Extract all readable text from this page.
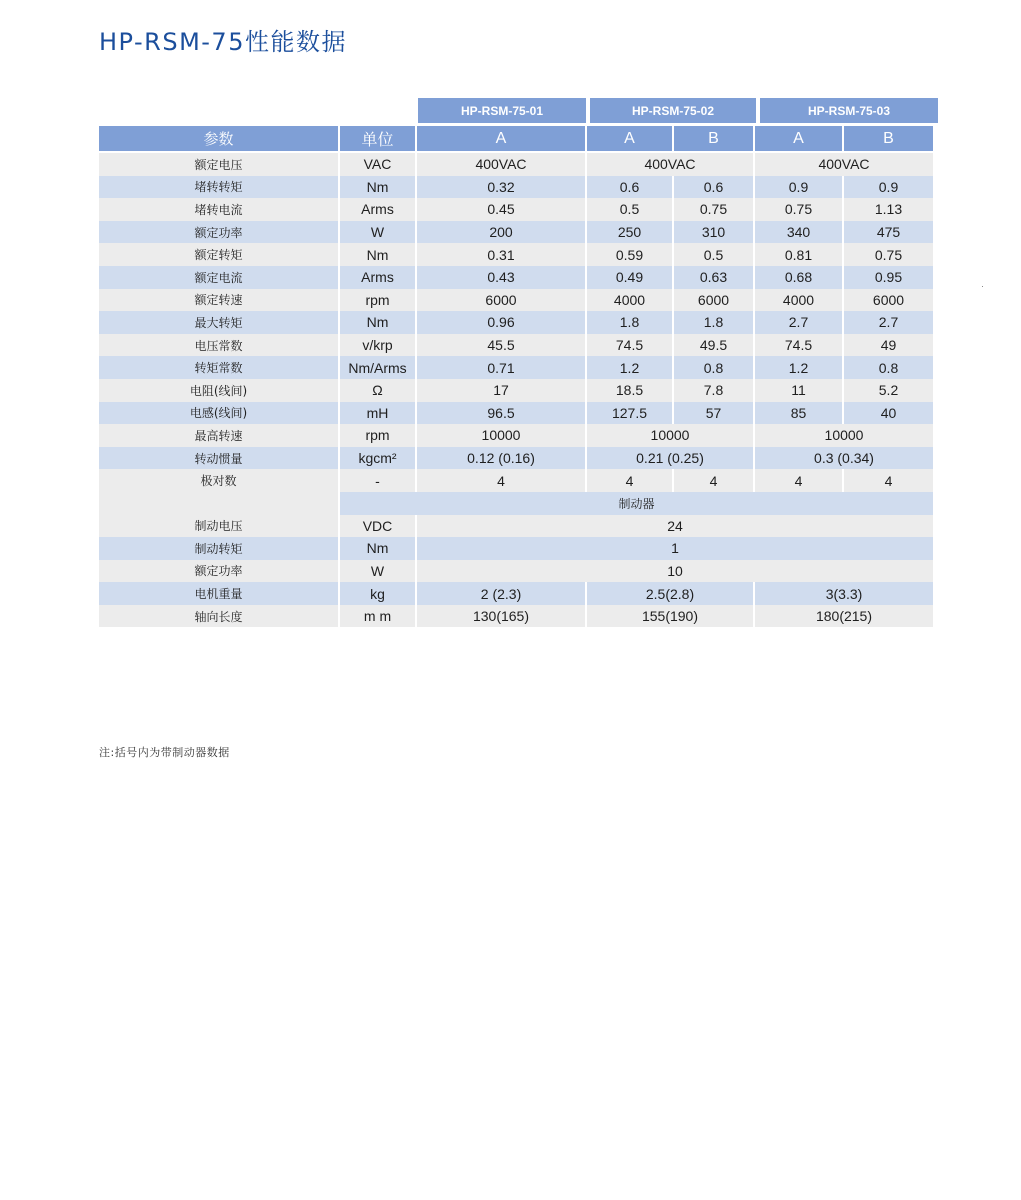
HP-RSM-75性能数据
HP-RSM-75-01	HP-RSM-75-02	HP-RSM-75-03
参数	单位	A	A	B	A	B
额定电压	VAC	400VAC	400VAC		400VAC	
堵转转矩	Nm	0.32	0.6	0.6	0.9	0.9
堵转电流	Arms	0.45	0.5	0.75	0.75	1.13
额定功率	W	200	250	310	340	475
额定转矩	Nm	0.31	0.59	0.5	0.81	0.75
额定电流	Arms	0.43	0.49	0.63	0.68	0.95
额定转速	rpm	6000	4000	6000	4000	6000
最大转矩	Nm	0.96	1.8	1.8	2.7	2.7
电压常数	v/krp	45.5	74.5	49.5	74.5	49
转矩常数	Nm/Arms	0.71	1.2	0.8	1.2	0.8
电阻(线间)	Ω	17	18.5	7.8	11	5.2
电感(线间)	mH	96.5	127.5	57	85	40
最高转速	rpm	10000	10000		10000	
转动惯量	kgcm²	0.12 (0.16)	0.21 (0.25)		0.3 (0.34)	
极对数	-	4	4	4	4	4
	制动器					
制动电压	VDC	24				
制动转矩	Nm	1				
额定功率	W	10				
电机重量	kg	2 (2.3)	2.5(2.8)		3(3.3)	
轴向长度	m m	130(165)	155(190)		180(215)	
注:括号内为带制动器数据
